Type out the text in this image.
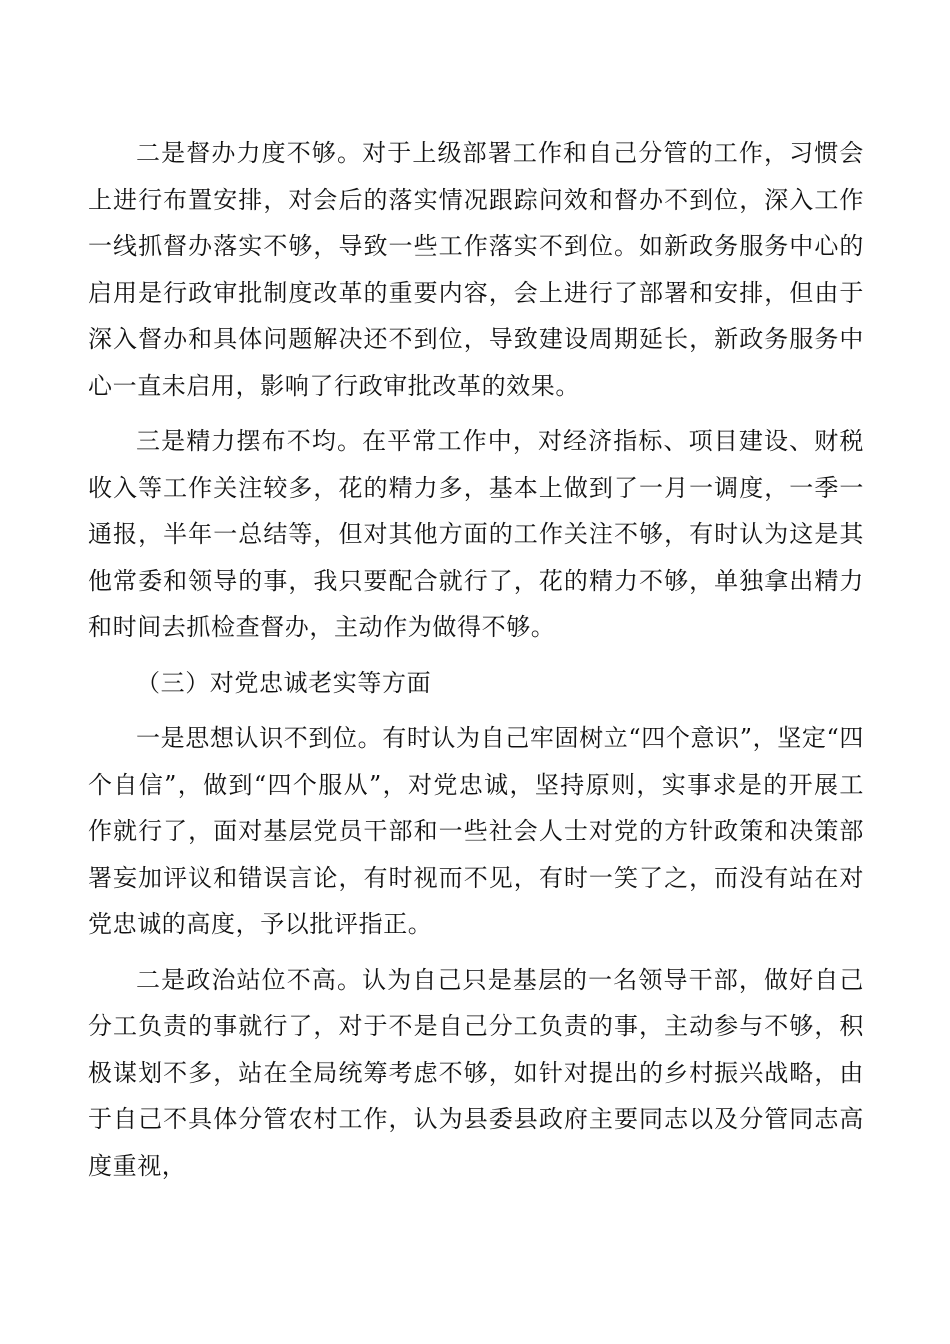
二是督办力度不够。对于上级部署工作和自己分管的工作，习惯会上进行布置安排，对会后的落实情况跟踪问效和督办不到位，深入工作一线抓督办落实不够，导致一些工作落实不到位。如新政务服务中心的启用是行政审批制度改革的重要内容，会上进行了部署和安排，但由于深入督办和具体问题解决还不到位，导致建设周期延长，新政务服务中心一直未启用，影响了行政审批改革的效果。

三是精力摆布不均。在平常工作中，对经济指标、项目建设、财税收入等工作关注较多，花的精力多，基本上做到了一月一调度，一季一通报，半年一总结等，但对其他方面的工作关注不够，有时认为这是其他常委和领导的事，我只要配合就行了，花的精力不够，单独拿出精力和时间去抓检查督办，主动作为做得不够。

（三）对党忠诚老实等方面

一是思想认识不到位。有时认为自己牢固树立“四个意识”，坚定“四个自信”，做到“四个服从”，对党忠诚，坚持原则，实事求是的开展工作就行了，面对基层党员干部和一些社会人士对党的方针政策和决策部署妄加评议和错误言论，有时视而不见，有时一笑了之，而没有站在对党忠诚的高度，予以批评指正。

二是政治站位不高。认为自己只是基层的一名领导干部，做好自己分工负责的事就行了，对于不是自己分工负责的事，主动参与不够，积极谋划不多，站在全局统筹考虑不够，如针对提出的乡村振兴战略，由于自己不具体分管农村工作，认为县委县政府主要同志以及分管同志高度重视，
